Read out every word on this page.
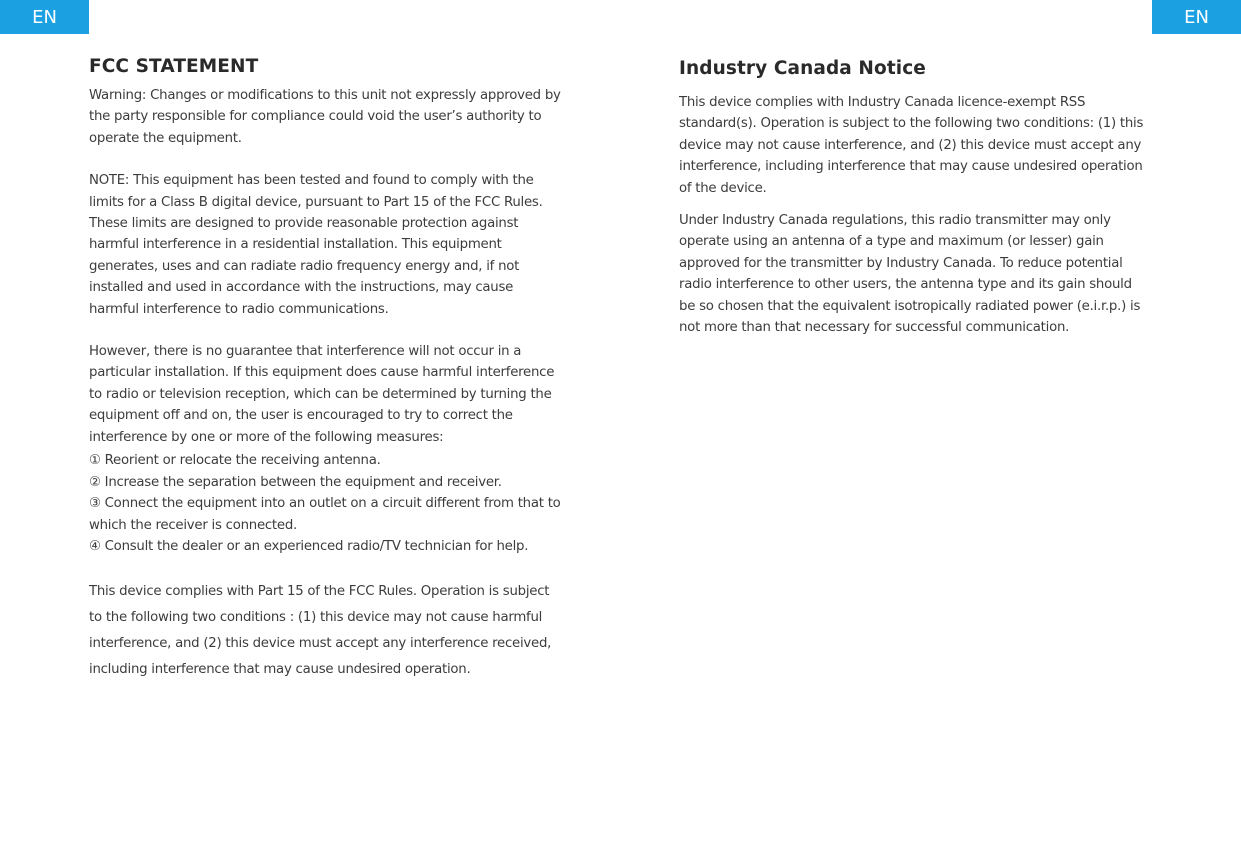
EN	EN
FCC STATEMENT

Warning: Changes or modifications to this unit not expressly approved by the party responsible for compliance could void the user’s authority to operate the equipment.

NOTE: This equipment has been tested and found to comply with the limits for a Class B digital device, pursuant to Part 15 of the FCC Rules. These limits are designed to provide reasonable protection against harmful interference in a residential installation. This equipment generates, uses and can radiate radio frequency energy and, if not installed and used in accordance with the instructions, may cause harmful interference to radio communications.

However, there is no guarantee that interference will not occur in a particular installation. If this equipment does cause harmful interference to radio or television reception, which can be determined by turning the equipment off and on, the user is encouraged to try to correct the interference by one or more of the following measures:

① Reorient or relocate the receiving antenna.

② Increase the separation between the equipment and receiver.

③ Connect the equipment into an outlet on a circuit different from that to which the receiver is connected.

④ Consult the dealer or an experienced radio/TV technician for help.

This device complies with Part 15 of the FCC Rules. Operation is subject to the following two conditions : (1) this device may not cause harmful interference, and (2) this device must accept any interference received, including interference that may cause undesired operation.

Industry Canada Notice

This device complies with Industry Canada licence-exempt RSS standard(s). Operation is subject to the following two conditions: (1) this device may not cause interference, and (2) this device must accept any interference, including interference that may cause undesired operation of the device.

Under Industry Canada regulations, this radio transmitter may only operate using an antenna of a type and maximum (or lesser) gain approved for the transmitter by Industry Canada. To reduce potential radio interference to other users, the antenna type and its gain should be so chosen that the equivalent isotropically radiated power (e.i.r.p.) is not more than that necessary for successful communication.
